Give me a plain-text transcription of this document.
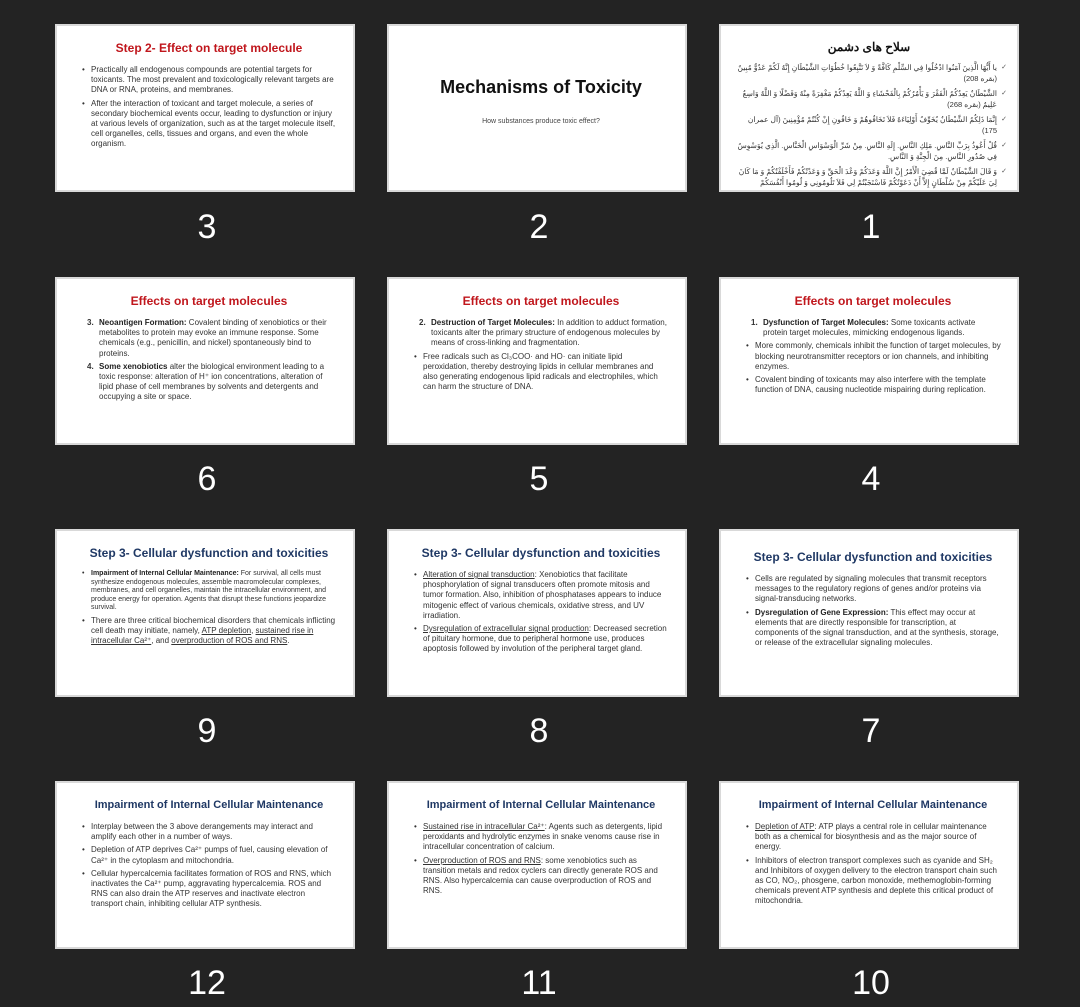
Step 2- Effect on target molecule
• Practically all endogenous compounds are potential targets for toxicants. The most prevalent and toxicologically relevant targets are DNA or RNA, proteins, and membranes.
• After the interaction of toxicant and target molecule, a series of secondary biochemical events occur, leading to dysfunction or injury at various levels of organization, such as at the target molecule itself, cell organelles, cells, tissues and organs, and even the whole organism.
3
Mechanisms of Toxicity
How substances produce toxic effect?
2
سلاح های دشمن
✓ يا أَيُّهَا الَّذِينَ آمَنُوا ادْخُلُوا فِي السِّلْمِ كَافَّةً وَ لاَ تَتَّبِعُوا خُطُوَاتِ الشَّيْطَانِ إِنَّهُ لَكُمْ عَدُوٌّ مُبِينٌ (بقره 208)
✓ الشَّيْطَانُ يَعِدُكُمُ الْفَقْرَ وَ يَأْمُرُكُمْ بِالْفَحْشَاءِ وَ اللَّهُ يَعِدُكُمْ مَغْفِرَةً مِنْهُ وَفَضْلًا وَ اللَّهُ وَاسِعٌ عَلِيمٌ (بقره 268)
✓ إِنَّمَا ذَلِكُمُ الشَّيْطَانُ يُخَوِّفُ أَوْلِيَاءَهُ فَلاَ تَخَافُوهُمْ وَ خَافُونِ إِنْ كُنْتُمْ مُؤْمِنِينَ (آل عمران 175)
✓ قُلْ أَعُوذُ بِرَبِّ النَّاسِ. مَلِكِ النَّاسِ. إِلَهِ النَّاسِ. مِنْ شَرِّ الْوَسْوَاسِ الْخَنَّاسِ. الَّذِي يُوَسْوِسُ فِي صُدُورِ النَّاسِ. مِنَ الْجِنَّةِ وَ النَّاسِ.
✓ وَ قَالَ الشَّيْطَانُ لَمَّا قُضِيَ الْأَمْرُ إِنَّ اللَّهَ وَعَدَكُمْ وَعْدَ الْحَقِّ وَ وَعَدْتُكُمْ فَأَخْلَفْتُكُمْ وَ مَا كَانَ لِيَ عَلَيْكُمْ مِنْ سُلْطَانٍ إِلاَّ أَنْ دَعَوْتُكُمْ فَاسْتَجَبْتُمْ لِي فَلاَ تَلُومُونِي وَ لُومُوا أَنْفُسَكُمْ
1
Effects on target molecules
3. Neoantigen Formation: Covalent binding of xenobiotics or their metabolites to protein may evoke an immune response. Some chemicals (e.g., penicillin, and nickel) spontaneously bind to proteins.
4. Some xenobiotics alter the biological environment leading to a toxic response: alteration of H⁺ ion concentrations, alteration of lipid phase of cell membranes by solvents and detergents and occupying a site or space.
6
Effects on target molecules
2. Destruction of Target Molecules: In addition to adduct formation, toxicants alter the primary structure of endogenous molecules by means of cross-linking and fragmentation.
• Free radicals such as Cl₃COO· and HO· can initiate lipid peroxidation, thereby destroying lipids in cellular membranes and also generating endogenous lipid radicals and electrophiles, which can harm the structure of DNA.
5
Effects on target molecules
1. Dysfunction of Target Molecules: Some toxicants activate protein target molecules, mimicking endogenous ligands.
• More commonly, chemicals inhibit the function of target molecules, by blocking neurotransmitter receptors or ion channels, and inhibiting enzymes.
• Covalent binding of toxicants may also interfere with the template function of DNA, causing nucleotide mispairing during replication.
4
Step 3- Cellular dysfunction and toxicities
• Impairment of Internal Cellular Maintenance: For survival, all cells must synthesize endogenous molecules, assemble macromolecular complexes, membranes, and cell organelles, maintain the intracellular environment, and produce energy for operation. Agents that disrupt these functions jeopardize survival.
• There are three critical biochemical disorders that chemicals inflicting cell death may initiate, namely, ATP depletion, sustained rise in intracellular Ca²⁺, and overproduction of ROS and RNS.
9
Step 3- Cellular dysfunction and toxicities
• Alteration of signal transduction: Xenobiotics that facilitate phosphorylation of signal transducers often promote mitosis and tumor formation. Also, inhibition of phosphatases appears to induce mitogenic effect of various chemicals, oxidative stress, and UV irradiation.
• Dysregulation of extracellular signal production: Decreased secretion of pituitary hormone, due to peripheral hormone use, produces apoptosis followed by involution of the peripheral target gland.
8
Step 3- Cellular dysfunction and toxicities
• Cells are regulated by signaling molecules that transmit receptors messages to the regulatory regions of genes and/or proteins via signal-transducing networks.
• Dysregulation of Gene Expression: This effect may occur at elements that are directly responsible for transcription, at components of the signal transduction, and at the synthesis, storage, or release of the extracellular signaling molecules.
7
Impairment of Internal Cellular Maintenance
• Interplay between the 3 above derangements may interact and amplify each other in a number of ways.
• Depletion of ATP deprives Ca²⁺ pumps of fuel, causing elevation of Ca²⁺ in the cytoplasm and mitochondria.
• Cellular hypercalcemia facilitates formation of ROS and RNS, which inactivates the Ca²⁺ pump, aggravating hypercalcemia. ROS and RNS can also drain the ATP reserves and inactivate electron transport chain, inhibiting cellular ATP synthesis.
12
Impairment of Internal Cellular Maintenance
• Sustained rise in intracellular Ca²⁺: Agents such as detergents, lipid peroxidants and hydrolytic enzymes in snake venoms cause rise in intracellular concentration of calcium.
• Overproduction of ROS and RNS: some xenobiotics such as transition metals and redox cyclers can directly generate ROS and RNS. Also hypercalcemia can cause overproduction of ROS and RNS.
11
Impairment of Internal Cellular Maintenance
• Depletion of ATP: ATP plays a central role in cellular maintenance both as a chemical for biosynthesis and as the major source of energy.
• Inhibitors of electron transport complexes such as cyanide and SH₂ and Inhibitors of oxygen delivery to the electron transport chain such as CO, NO₂, phosgene, carbon monoxide, methemoglobin-forming chemicals prevent ATP synthesis and deplete this critical product of mitochondria.
10
